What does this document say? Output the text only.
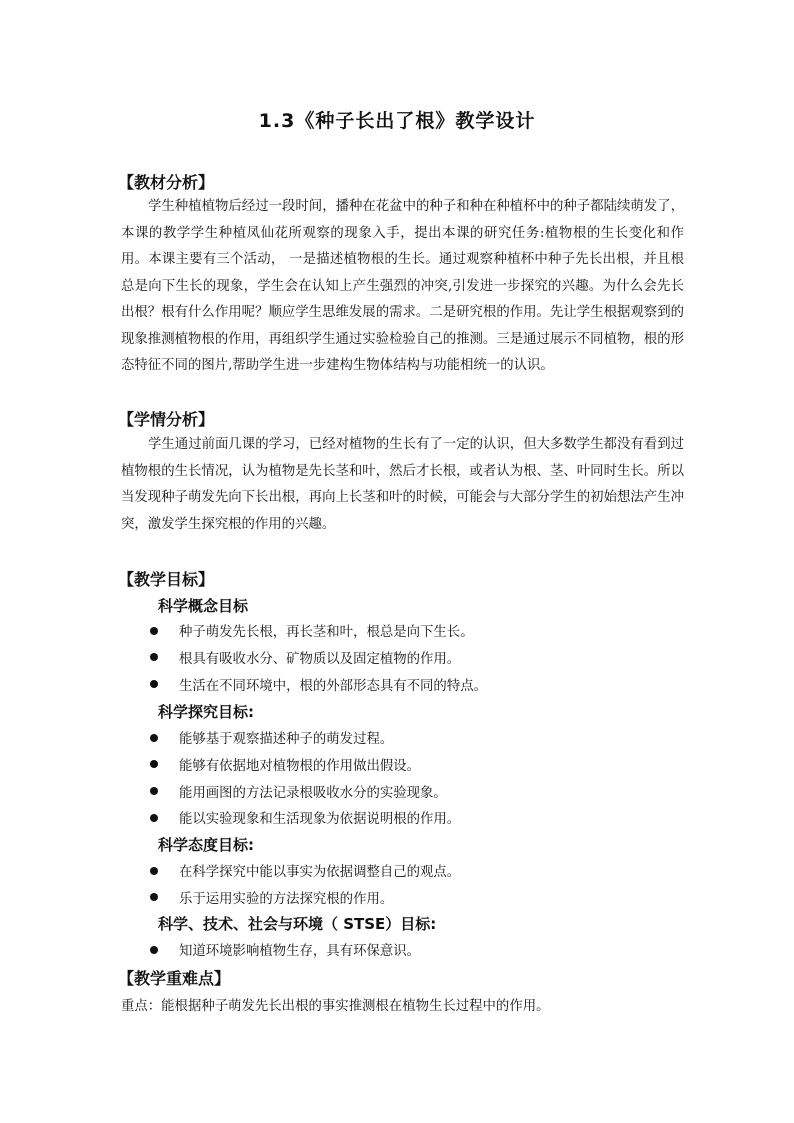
1.3《种子长出了根》教学设计
【教材分析】
学生种植植物后经过一段时间，播种在花盆中的种子和种在种植杯中的种子都陆续萌发了，本课的教学学生种植凤仙花所观察的现象入手，提出本课的研究任务:植物根的生长变化和作用。本课主要有三个活动， 一是描述植物根的生长。通过观察种植杯中种子先长出根，并且根总是向下生长的现象，学生会在认知上产生强烈的冲突,引发进一步探究的兴趣。为什么会先长出根？根有什么作用呢？顺应学生思维发展的需求。二是研究根的作用。先让学生根据观察到的现象推测植物根的作用，再组织学生通过实验检验自己的推测。三是通过展示不同植物，根的形态特征不同的图片,帮助学生进一步建构生物体结构与功能相统一的认识。
【学情分析】
学生通过前面几课的学习，已经对植物的生长有了一定的认识，但大多数学生都没有看到过植物根的生长情况，认为植物是先长茎和叶，然后才长根，或者认为根、茎、叶同时生长。所以当发现种子萌发先向下长出根，再向上长茎和叶的时候，可能会与大部分学生的初始想法产生冲突，激发学生探究根的作用的兴趣。
【教学目标】
科学概念目标
种子萌发先长根，再长茎和叶，根总是向下生长。
根具有吸收水分、矿物质以及固定植物的作用。
生活在不同环境中，根的外部形态具有不同的特点。
科学探究目标:
能够基于观察描述种子的萌发过程。
能够有依据地对植物根的作用做出假设。
能用画图的方法记录根吸收水分的实验现象。
能以实验现象和生活现象为依据说明根的作用。
科学态度目标:
在科学探究中能以事实为依据调整自己的观点。
乐于运用实验的方法探究根的作用。
科学、技术、社会与环境（ STSE）目标:
知道环境影响植物生存，具有环保意识。
【教学重难点】
重点：能根据种子萌发先长出根的事实推测根在植物生长过程中的作用。
